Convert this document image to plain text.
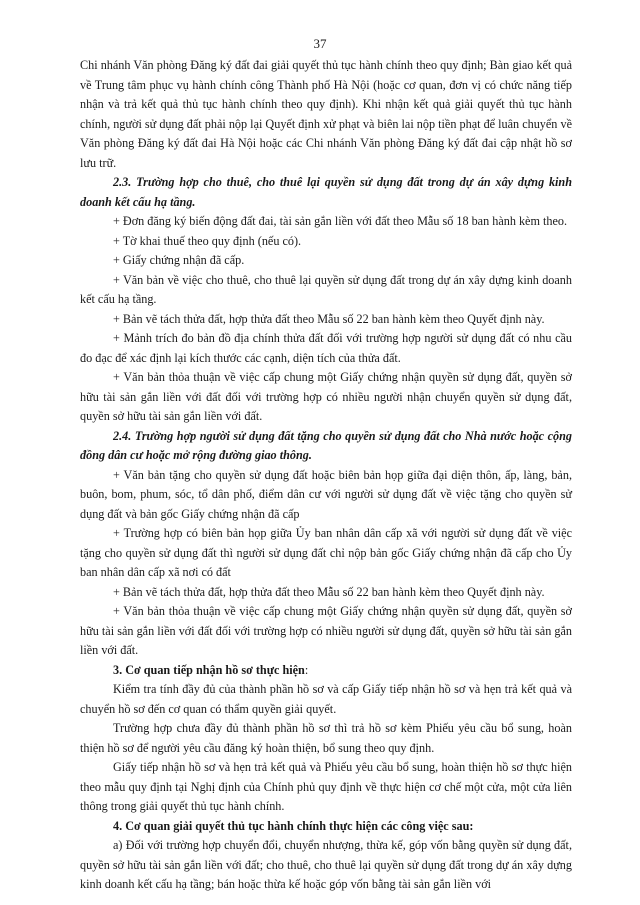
37

Chi nhánh Văn phòng Đăng ký đất đai giải quyết thủ tục hành chính theo quy định; Bàn giao kết quả về Trung tâm phục vụ hành chính công Thành phố Hà Nội (hoặc cơ quan, đơn vị có chức năng tiếp nhận và trả kết quả thủ tục hành chính theo quy định). Khi nhận kết quả giải quyết thủ tục hành chính, người sử dụng đất phải nộp lại Quyết định xử phạt và biên lai nộp tiền phạt để luân chuyển về Văn phòng Đăng ký đất đai Hà Nội hoặc các Chi nhánh Văn phòng Đăng ký đất đai cập nhật hồ sơ lưu trữ.

2.3. Trường hợp cho thuê, cho thuê lại quyền sử dụng đất trong dự án xây dựng kinh doanh kết cấu hạ tầng.

+ Đơn đăng ký biến động đất đai, tài sản gắn liền với đất theo Mẫu số 18 ban hành kèm theo.

+ Tờ khai thuế theo quy định (nếu có).

+ Giấy chứng nhận đã cấp.

+ Văn bản về việc cho thuê, cho thuê lại quyền sử dụng đất trong dự án xây dựng kinh doanh kết cấu hạ tầng.

+ Bản vẽ tách thửa đất, hợp thửa đất theo Mẫu số 22 ban hành kèm theo Quyết định này.

+ Mảnh trích đo bản đồ địa chính thửa đất đối với trường hợp người sử dụng đất có nhu cầu đo đạc để xác định lại kích thước các cạnh, diện tích của thửa đất.

+ Văn bản thỏa thuận về việc cấp chung một Giấy chứng nhận quyền sử dụng đất, quyền sở hữu tài sản gắn liền với đất đối với trường hợp có nhiều người nhận chuyển quyền sử dụng đất, quyền sở hữu tài sản gắn liền với đất.

2.4. Trường hợp người sử dụng đất tặng cho quyền sử dụng đất cho Nhà nước hoặc cộng đồng dân cư hoặc mở rộng đường giao thông.

+ Văn bản tặng cho quyền sử dụng đất hoặc biên bản họp giữa đại diện thôn, ấp, làng, bản, buôn, bom, phum, sóc, tổ dân phố, điểm dân cư với người sử dụng đất về việc tặng cho quyền sử dụng đất và bản gốc Giấy chứng nhận đã cấp

+ Trường hợp có biên bản họp giữa Ủy ban nhân dân cấp xã với người sử dụng đất về việc tặng cho quyền sử dụng đất thì người sử dụng đất chỉ nộp bản gốc Giấy chứng nhận đã cấp cho Ủy ban nhân dân cấp xã nơi có đất

+ Bản vẽ tách thửa đất, hợp thửa đất theo Mẫu số 22 ban hành kèm theo Quyết định này.

+ Văn bản thỏa thuận về việc cấp chung một Giấy chứng nhận quyền sử dụng đất, quyền sở hữu tài sản gắn liền với đất đối với trường hợp có nhiều người sử dụng đất, quyền sở hữu tài sản gắn liền với đất.

3. Cơ quan tiếp nhận hồ sơ thực hiện:

Kiểm tra tính đầy đủ của thành phần hồ sơ và cấp Giấy tiếp nhận hồ sơ và hẹn trả kết quả và chuyển hồ sơ đến cơ quan có thẩm quyền giải quyết.

Trường hợp chưa đầy đủ thành phần hồ sơ thì trả hồ sơ kèm Phiếu yêu cầu bổ sung, hoàn thiện hồ sơ để người yêu cầu đăng ký hoàn thiện, bổ sung theo quy định.

Giấy tiếp nhận hồ sơ và hẹn trả kết quả và Phiếu yêu cầu bổ sung, hoàn thiện hồ sơ thực hiện theo mẫu quy định tại Nghị định của Chính phủ quy định về thực hiện cơ chế một cửa, một cửa liên thông trong giải quyết thủ tục hành chính.

4. Cơ quan giải quyết thủ tục hành chính thực hiện các công việc sau:

a) Đối với trường hợp chuyển đổi, chuyển nhượng, thừa kế, góp vốn bằng quyền sử dụng đất, quyền sở hữu tài sản gắn liền với đất; cho thuê, cho thuê lại quyền sử dụng đất trong dự án xây dựng kinh doanh kết cấu hạ tầng; bán hoặc thừa kế hoặc góp vốn bằng tài sản gắn liền với
